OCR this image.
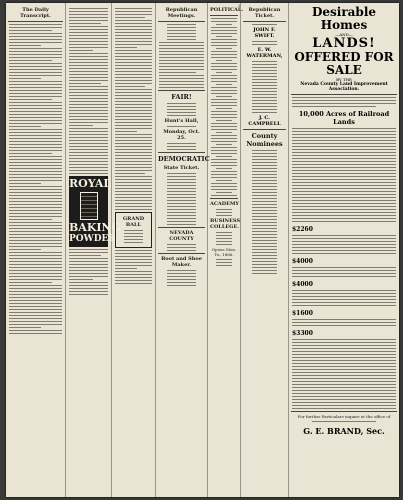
3
The Daily Transcript.
ROYAL
BAKING
POWDER
GRAND BALL
Republican Meetings.
FAIR!
Hunt's Hall,
Monday, Oct. 25.
DEMOCRATIC
State Ticket.
NEVADA COUNTY
Boot and Shoe Maker.
POLITICAL.
ACADEMY
BUSINESS COLLEGE.
Opens Mon. Tu, 1886.
Republican Ticket.
JOHN F. SWIFT.
E. W. WATERMAN,
J. C. CAMPBELL
County Nominees
Desirable Homes
—AND—
LANDS!
OFFERED FOR SALE
BY THE
Nevada County Land Improvement Association.
10,000 Acres of Railroad Lands
$2260
$4000
$4000
$1600
$3300
For further Particulars inquire at the office of
G. E. BRAND, Sec.
